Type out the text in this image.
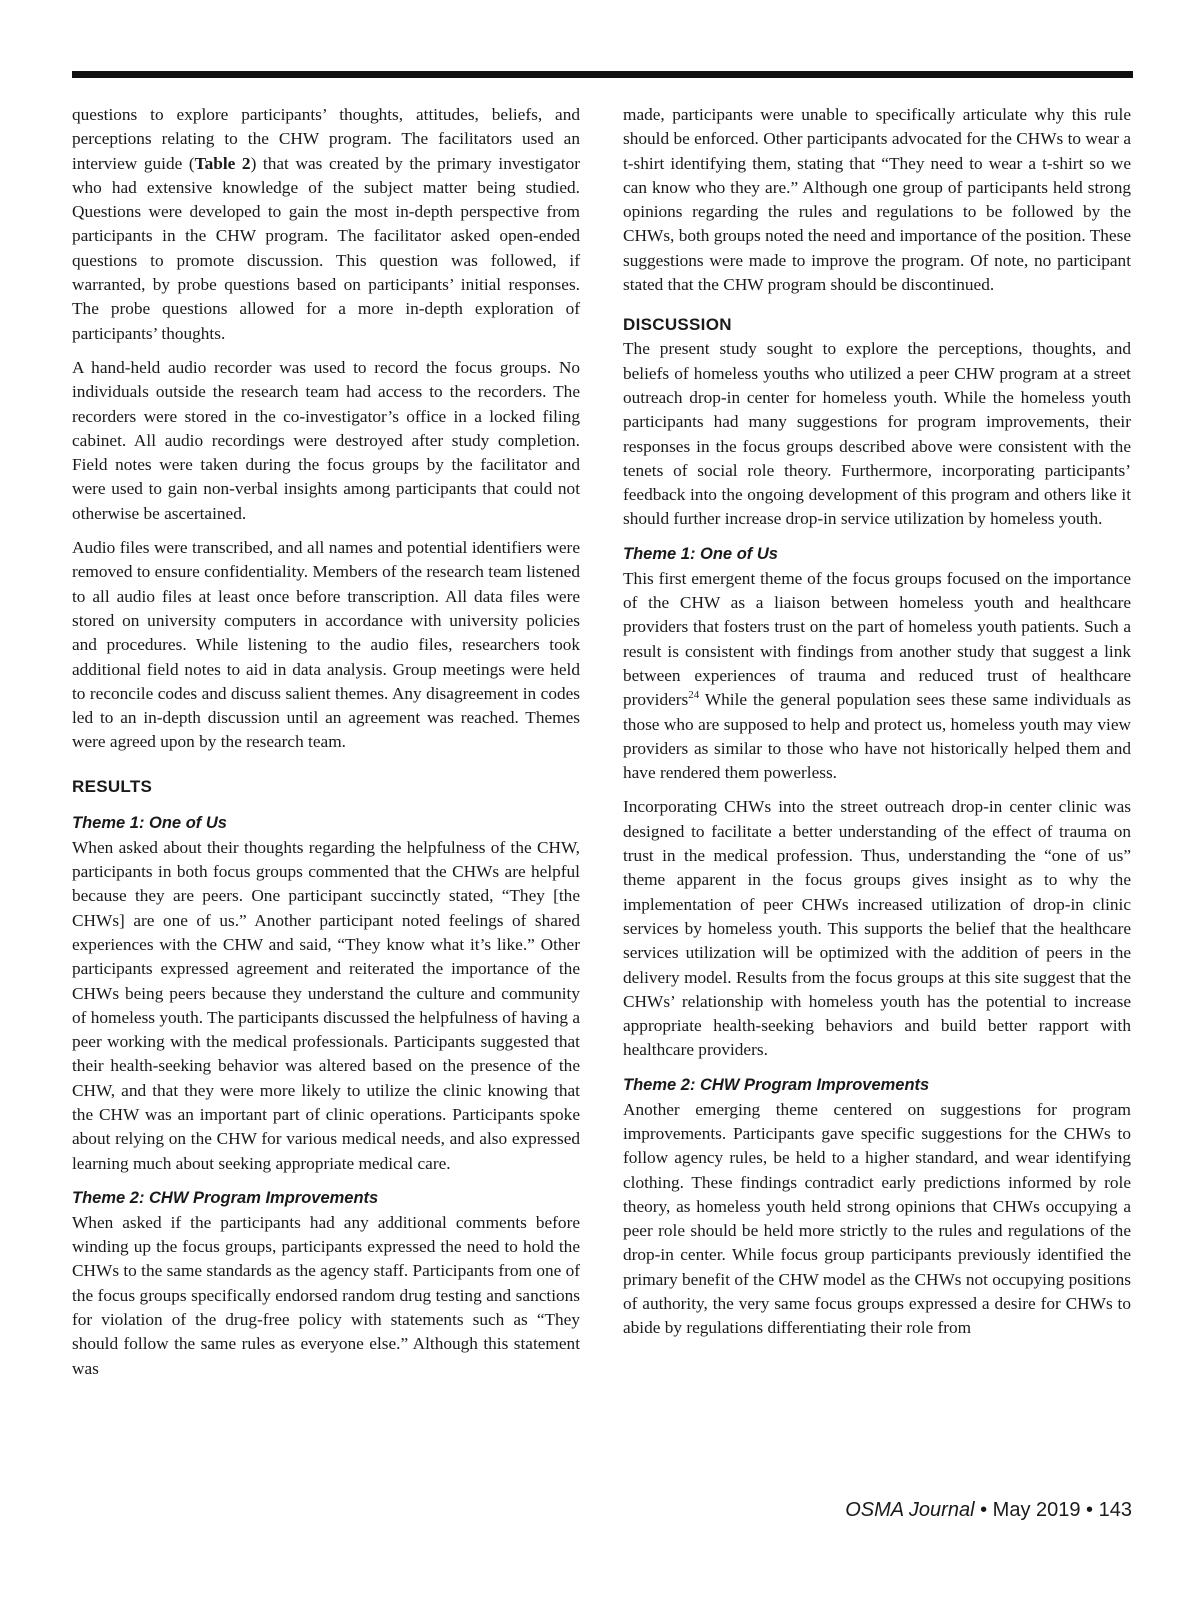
questions to explore participants’ thoughts, attitudes, beliefs, and perceptions relating to the CHW program. The facilitators used an interview guide (Table 2) that was created by the primary investigator who had extensive knowledge of the subject matter being studied. Questions were developed to gain the most in-depth perspective from participants in the CHW program. The facilitator asked open-ended questions to promote discussion. This question was followed, if warranted, by probe questions based on participants’ initial responses. The probe questions allowed for a more in-depth exploration of participants’ thoughts.

A hand-held audio recorder was used to record the focus groups. No individuals outside the research team had access to the recorders. The recorders were stored in the co-investigator’s office in a locked filing cabinet. All audio recordings were destroyed after study completion. Field notes were taken during the focus groups by the facilitator and were used to gain non-verbal insights among participants that could not otherwise be ascertained.

Audio files were transcribed, and all names and potential identifiers were removed to ensure confidentiality. Members of the research team listened to all audio files at least once before transcription. All data files were stored on university computers in accordance with university policies and procedures. While listening to the audio files, researchers took additional field notes to aid in data analysis. Group meetings were held to reconcile codes and discuss salient themes. Any disagreement in codes led to an in-depth discussion until an agreement was reached. Themes were agreed upon by the research team.

RESULTS
Theme 1: One of Us

When asked about their thoughts regarding the helpfulness of the CHW, participants in both focus groups commented that the CHWs are helpful because they are peers. One participant succinctly stated, “They [the CHWs] are one of us.” Another participant noted feelings of shared experiences with the CHW and said, “They know what it’s like.” Other participants expressed agreement and reiterated the importance of the CHWs being peers because they understand the culture and community of homeless youth. The participants discussed the helpfulness of having a peer working with the medical professionals. Participants suggested that their health-seeking behavior was altered based on the presence of the CHW, and that they were more likely to utilize the clinic knowing that the CHW was an important part of clinic operations. Participants spoke about relying on the CHW for various medical needs, and also expressed learning much about seeking appropriate medical care.

Theme 2: CHW Program Improvements

When asked if the participants had any additional comments before winding up the focus groups, participants expressed the need to hold the CHWs to the same standards as the agency staff. Participants from one of the focus groups specifically endorsed random drug testing and sanctions for violation of the drug-free policy with statements such as “They should follow the same rules as everyone else.” Although this statement was

made, participants were unable to specifically articulate why this rule should be enforced. Other participants advocated for the CHWs to wear a t-shirt identifying them, stating that “They need to wear a t-shirt so we can know who they are.” Although one group of participants held strong opinions regarding the rules and regulations to be followed by the CHWs, both groups noted the need and importance of the position. These suggestions were made to improve the program. Of note, no participant stated that the CHW program should be discontinued.

DISCUSSION

The present study sought to explore the perceptions, thoughts, and beliefs of homeless youths who utilized a peer CHW program at a street outreach drop-in center for homeless youth. While the homeless youth participants had many suggestions for program improvements, their responses in the focus groups described above were consistent with the tenets of social role theory. Furthermore, incorporating participants’ feedback into the ongoing development of this program and others like it should further increase drop-in service utilization by homeless youth.

Theme 1: One of Us

This first emergent theme of the focus groups focused on the importance of the CHW as a liaison between homeless youth and healthcare providers that fosters trust on the part of homeless youth patients. Such a result is consistent with findings from another study that suggest a link between experiences of trauma and reduced trust of healthcare providers$^{24}$ While the general population sees these same individuals as those who are supposed to help and protect us, homeless youth may view providers as similar to those who have not historically helped them and have rendered them powerless.

Incorporating CHWs into the street outreach drop-in center clinic was designed to facilitate a better understanding of the effect of trauma on trust in the medical profession. Thus, understanding the “one of us” theme apparent in the focus groups gives insight as to why the implementation of peer CHWs increased utilization of drop-in clinic services by homeless youth. This supports the belief that the healthcare services utilization will be optimized with the addition of peers in the delivery model. Results from the focus groups at this site suggest that the CHWs’ relationship with homeless youth has the potential to increase appropriate health-seeking behaviors and build better rapport with healthcare providers.

Theme 2: CHW Program Improvements

Another emerging theme centered on suggestions for program improvements. Participants gave specific suggestions for the CHWs to follow agency rules, be held to a higher standard, and wear identifying clothing. These findings contradict early predictions informed by role theory, as homeless youth held strong opinions that CHWs occupying a peer role should be held more strictly to the rules and regulations of the drop-in center. While focus group participants previously identified the primary benefit of the CHW model as the CHWs not occupying positions of authority, the very same focus groups expressed a desire for CHWs to abide by regulations differentiating their role from

OSMA Journal • May 2019 • 143
